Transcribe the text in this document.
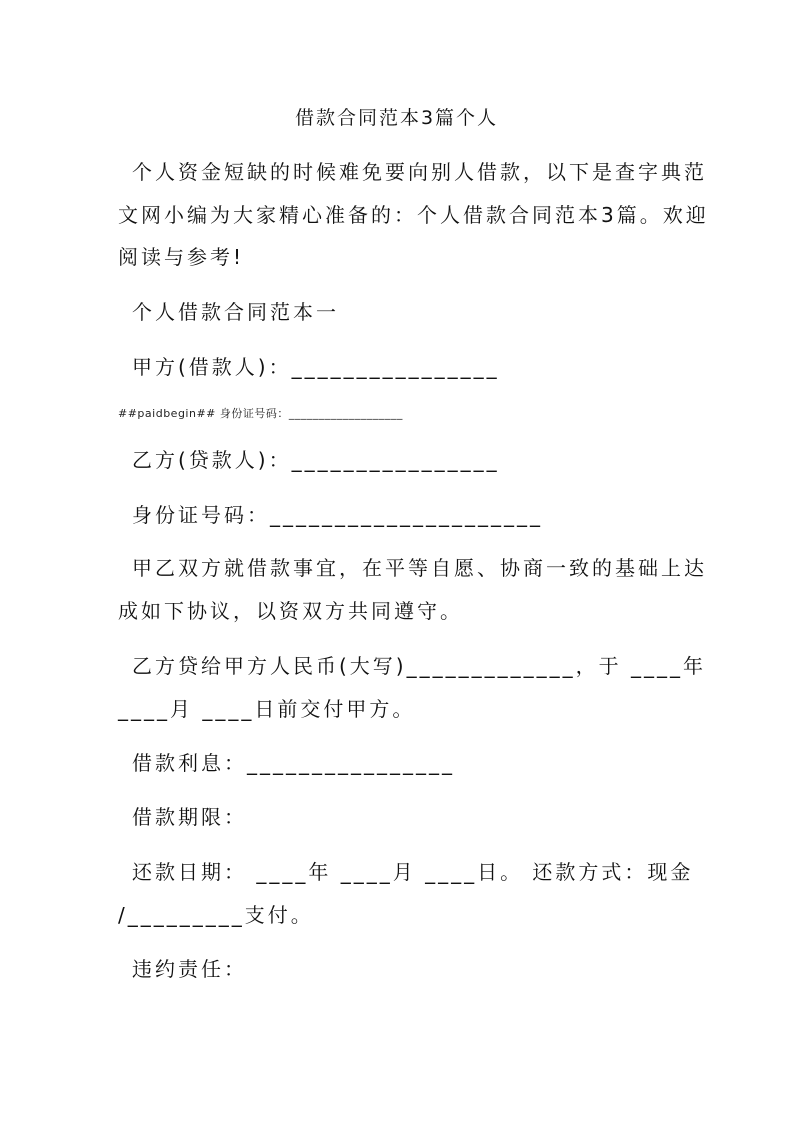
借款合同范本3篇个人
个人资金短缺的时候难免要向别人借款，以下是查字典范
文网小编为大家精心准备的：个人借款合同范本3篇。欢迎
阅读与参考!
个人借款合同范本一
甲方(借款人)：________________
##paidbegin## 身份证号码：___________________
乙方(贷款人)：________________
身份证号码：_____________________
甲乙双方就借款事宜，在平等自愿、协商一致的基础上达
成如下协议，以资双方共同遵守。
乙方贷给甲方人民币(大写)_____________，于 ____年
____月 ____日前交付甲方。
借款利息：________________
借款期限：
还款日期： ____年 ____月 ____日。 还款方式：现金
/_________支付。
违约责任：
